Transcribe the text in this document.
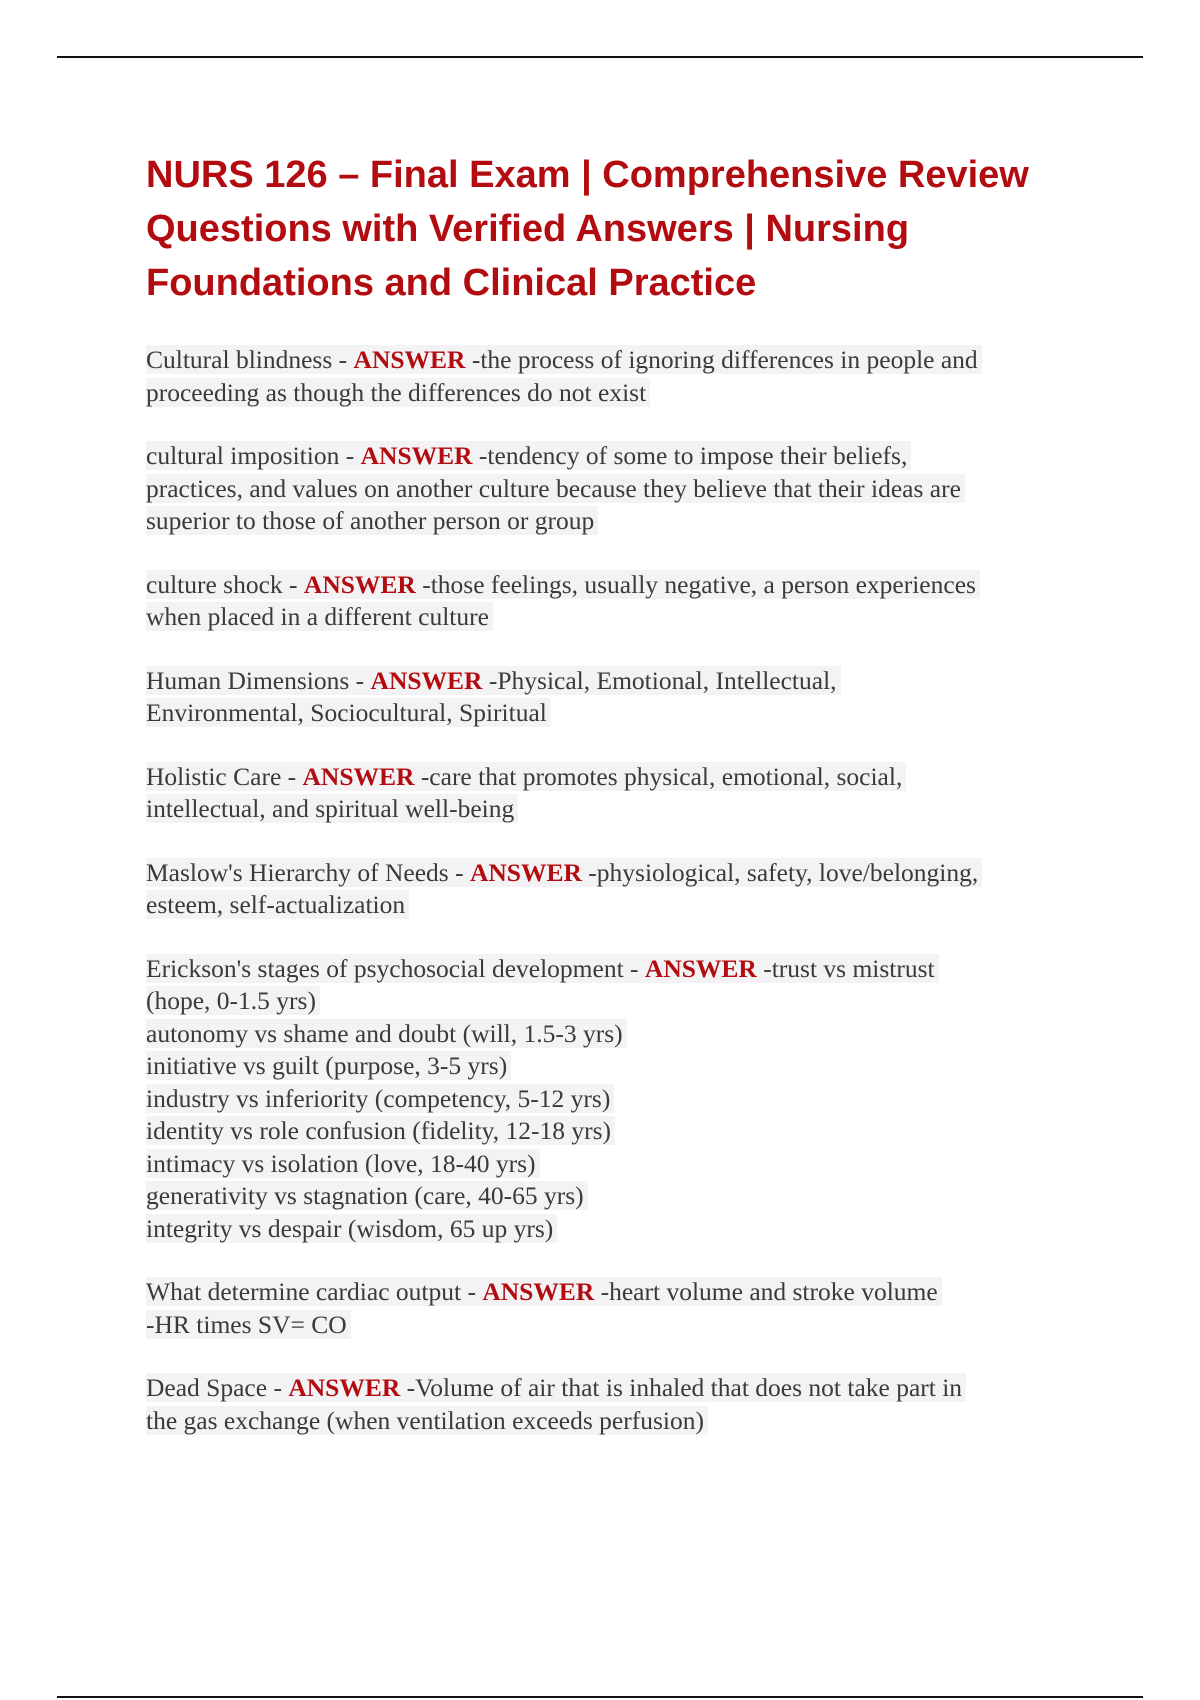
NURS 126 – Final Exam | Comprehensive Review Questions with Verified Answers | Nursing Foundations and Clinical Practice
Cultural blindness - ANSWER -the process of ignoring differences in people and
proceeding as though the differences do not exist
cultural imposition - ANSWER -tendency of some to impose their beliefs,
practices, and values on another culture because they believe that their ideas are
superior to those of another person or group
culture shock - ANSWER -those feelings, usually negative, a person experiences
when placed in a different culture
Human Dimensions - ANSWER -Physical, Emotional, Intellectual,
Environmental, Sociocultural, Spiritual
Holistic Care - ANSWER -care that promotes physical, emotional, social,
intellectual, and spiritual well-being
Maslow's Hierarchy of Needs - ANSWER -physiological, safety, love/belonging,
esteem, self-actualization
Erickson's stages of psychosocial development - ANSWER -trust vs mistrust
(hope, 0-1.5 yrs)
autonomy vs shame and doubt (will, 1.5-3 yrs)
initiative vs guilt (purpose, 3-5 yrs)
industry vs inferiority (competency, 5-12 yrs)
identity vs role confusion (fidelity, 12-18 yrs)
intimacy vs isolation (love, 18-40 yrs)
generativity vs stagnation (care, 40-65 yrs)
integrity vs despair (wisdom, 65 up yrs)
What determine cardiac output - ANSWER -heart volume and stroke volume
-HR times SV= CO
Dead Space - ANSWER -Volume of air that is inhaled that does not take part in
the gas exchange (when ventilation exceeds perfusion)
